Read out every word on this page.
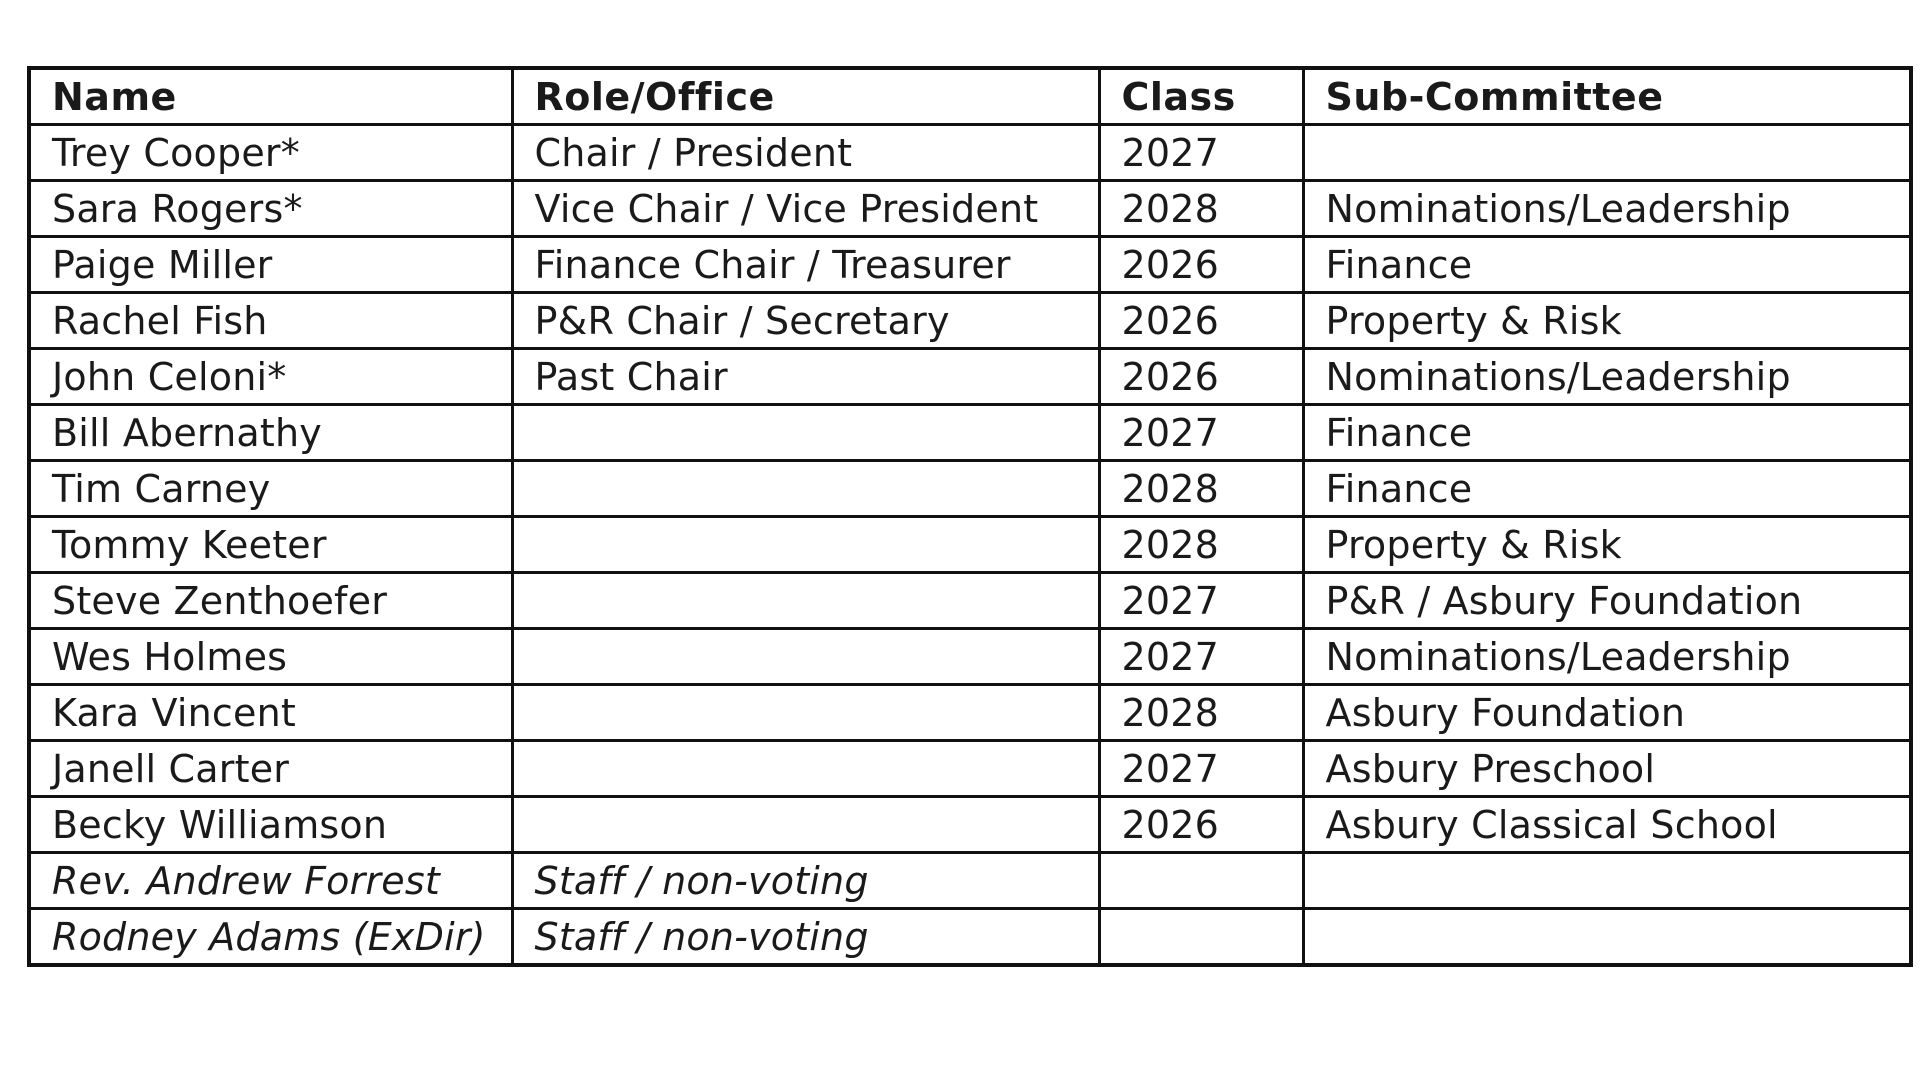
Name	Role/Office	Class	Sub-Committee
Trey Cooper*	Chair / President	2027	
Sara Rogers*	Vice Chair / Vice President	2028	Nominations/Leadership
Paige Miller	Finance Chair / Treasurer	2026	Finance
Rachel Fish	P&R Chair / Secretary	2026	Property & Risk
John Celoni*	Past Chair	2026	Nominations/Leadership
Bill Abernathy		2027	Finance
Tim Carney		2028	Finance
Tommy Keeter		2028	Property & Risk
Steve Zenthoefer		2027	P&R / Asbury Foundation
Wes Holmes		2027	Nominations/Leadership
Kara Vincent		2028	Asbury Foundation
Janell Carter		2027	Asbury Preschool
Becky Williamson		2026	Asbury Classical School
Rev. Andrew Forrest	Staff / non-voting		
Rodney Adams (ExDir)	Staff / non-voting		
